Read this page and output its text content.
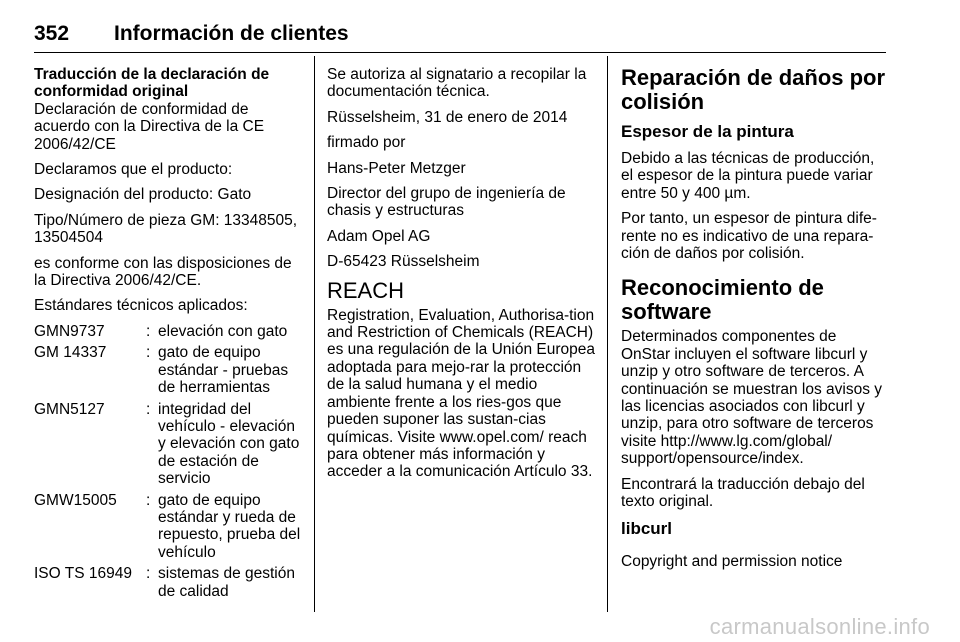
352 Información de clientes

Traducción de la declaración de conformidad original

Declaración de conformidad de acuerdo con la Directiva de la CE 2006/42/CE

Declaramos que el producto:

Designación del producto: Gato

Tipo/Número de pieza GM: 13348505, 13504504

es conforme con las disposiciones de la Directiva 2006/42/CE.

Estándares técnicos aplicados:

GMN9737	:	elevación con gato
GM 14337	:	gato de equipo estándar - pruebas de herramientas
GMN5127	:	integridad del vehículo - elevación y elevación con gato de estación de servicio
GMW15005	:	gato de equipo estándar y rueda de repuesto, prueba del vehículo
ISO TS 16949	:	sistemas de gestión de calidad

Se autoriza al signatario a recopilar la documentación técnica.

Rüsselsheim, 31 de enero de 2014

firmado por

Hans-Peter Metzger

Director del grupo de ingeniería de chasis y estructuras

Adam Opel AG

D-65423 Rüsselsheim

REACH

Registration, Evaluation, Authorisa-tion and Restriction of Chemicals (REACH) es una regulación de la Unión Europea adoptada para mejo-rar la protección de la salud humana y el medio ambiente frente a los ries-gos que pueden suponer las sustan-cias químicas. Visite www.opel.com/ reach para obtener más información y acceder a la comunicación Artículo 33.

Reparación de daños por colisión
Espesor de la pintura

Debido a las técnicas de producción, el espesor de la pintura puede variar entre 50 y 400 µm.

Por tanto, un espesor de pintura dife-rente no es indicativo de una repara-ción de daños por colisión.

Reconocimiento de software

Determinados componentes de OnStar incluyen el software libcurl y unzip y otro software de terceros. A continuación se muestran los avisos y las licencias asociados con libcurl y unzip, para otro software de terceros visite http://www.lg.com/global/ support/opensource/index.

Encontrará la traducción debajo del texto original.

libcurl

Copyright and permission notice

carmanualsonline.info
